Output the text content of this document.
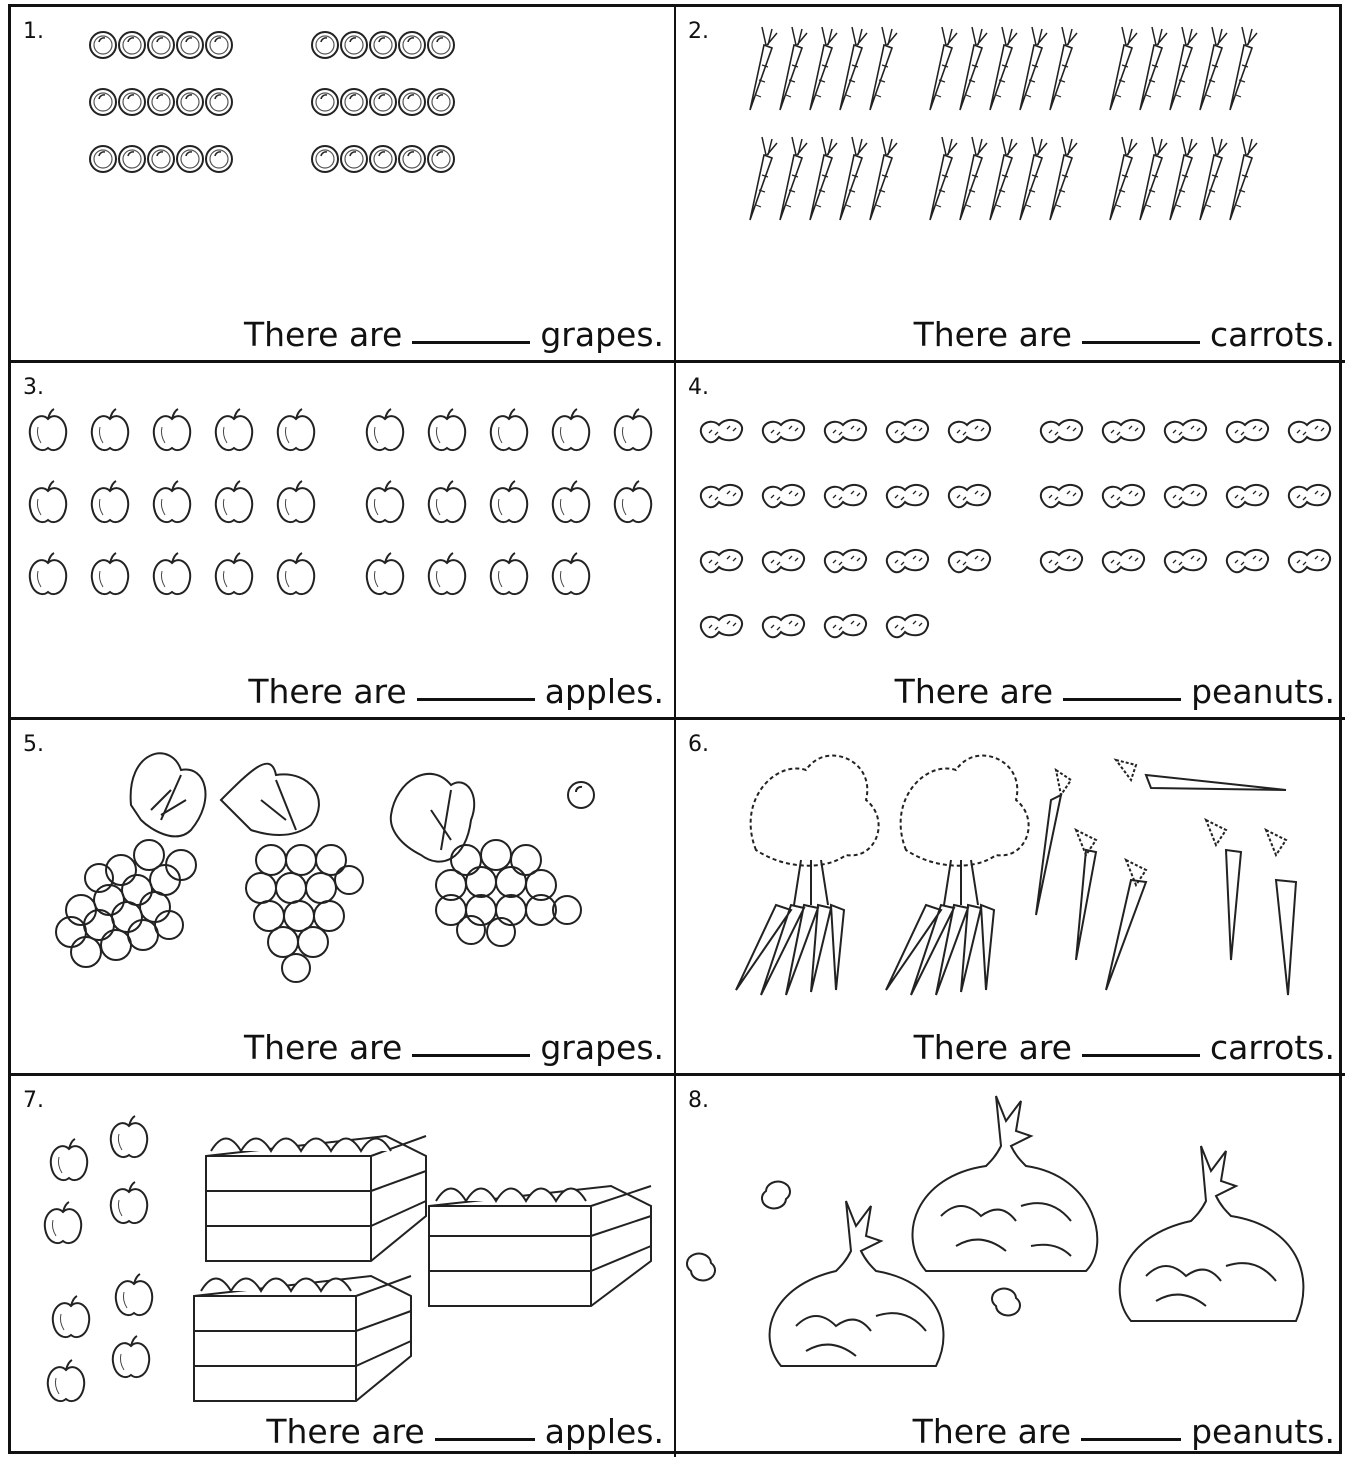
1.
There are	grapes.
2.
There are	carrots.
3.
There are	apples.
4.
There are	peanuts.
5.
There are	grapes.
6.
There are	carrots.
7.
There are	apples.
8.
There are	peanuts.
